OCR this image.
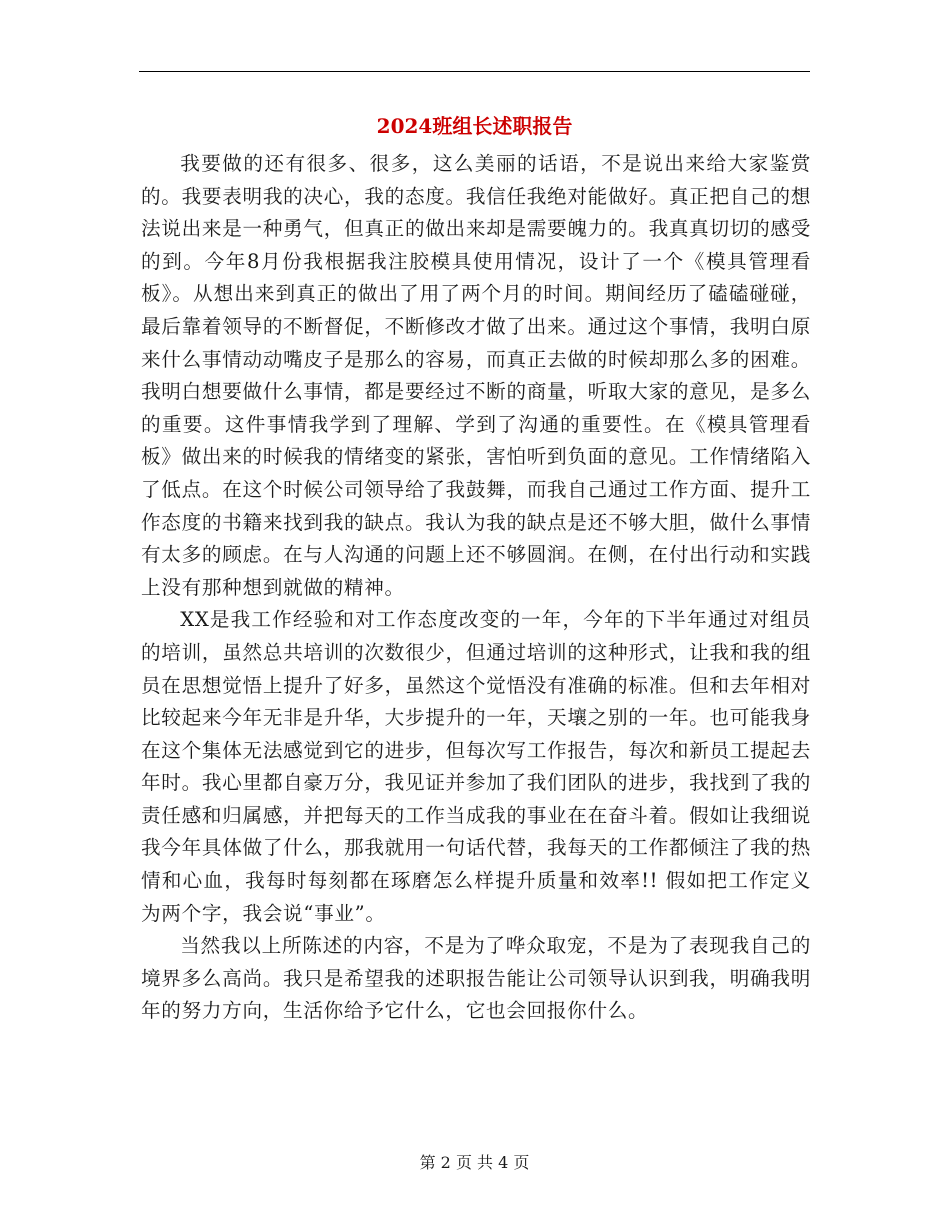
2024班组长述职报告

我要做的还有很多、很多，这么美丽的话语，不是说出来给大家鉴赏的。我要表明我的决心，我的态度。我信任我绝对能做好。真正把自己的想法说出来是一种勇气，但真正的做出来却是需要魄力的。我真真切切的感受的到。今年8月份我根据我注胶模具使用情况，设计了一个《模具管理看板》。从想出来到真正的做出了用了两个月的时间。期间经历了磕磕碰碰，最后靠着领导的不断督促，不断修改才做了出来。通过这个事情，我明白原来什么事情动动嘴皮子是那么的容易，而真正去做的时候却那么多的困难。我明白想要做什么事情，都是要经过不断的商量，听取大家的意见，是多么的重要。这件事情我学到了理解、学到了沟通的重要性。在《模具管理看板》做出来的时候我的情绪变的紧张，害怕听到负面的意见。工作情绪陷入了低点。在这个时候公司领导给了我鼓舞，而我自己通过工作方面、提升工作态度的书籍来找到我的缺点。我认为我的缺点是还不够大胆，做什么事情有太多的顾虑。在与人沟通的问题上还不够圆润。在侧，在付出行动和实践上没有那种想到就做的精神。

XX是我工作经验和对工作态度改变的一年，今年的下半年通过对组员的培训，虽然总共培训的次数很少，但通过培训的这种形式，让我和我的组员在思想觉悟上提升了好多，虽然这个觉悟没有准确的标准。但和去年相对比较起来今年无非是升华，大步提升的一年，天壤之别的一年。也可能我身在这个集体无法感觉到它的进步，但每次写工作报告，每次和新员工提起去年时。我心里都自豪万分，我见证并参加了我们团队的进步，我找到了我的责任感和归属感，并把每天的工作当成我的事业在在奋斗着。假如让我细说我今年具体做了什么，那我就用一句话代替，我每天的工作都倾注了我的热情和心血，我每时每刻都在琢磨怎么样提升质量和效率!! 假如把工作定义为两个字，我会说“事业”。

当然我以上所陈述的内容，不是为了哗众取宠，不是为了表现我自己的境界多么高尚。我只是希望我的述职报告能让公司领导认识到我，明确我明年的努力方向，生活你给予它什么，它也会回报你什么。

第 2 页 共 4 页
